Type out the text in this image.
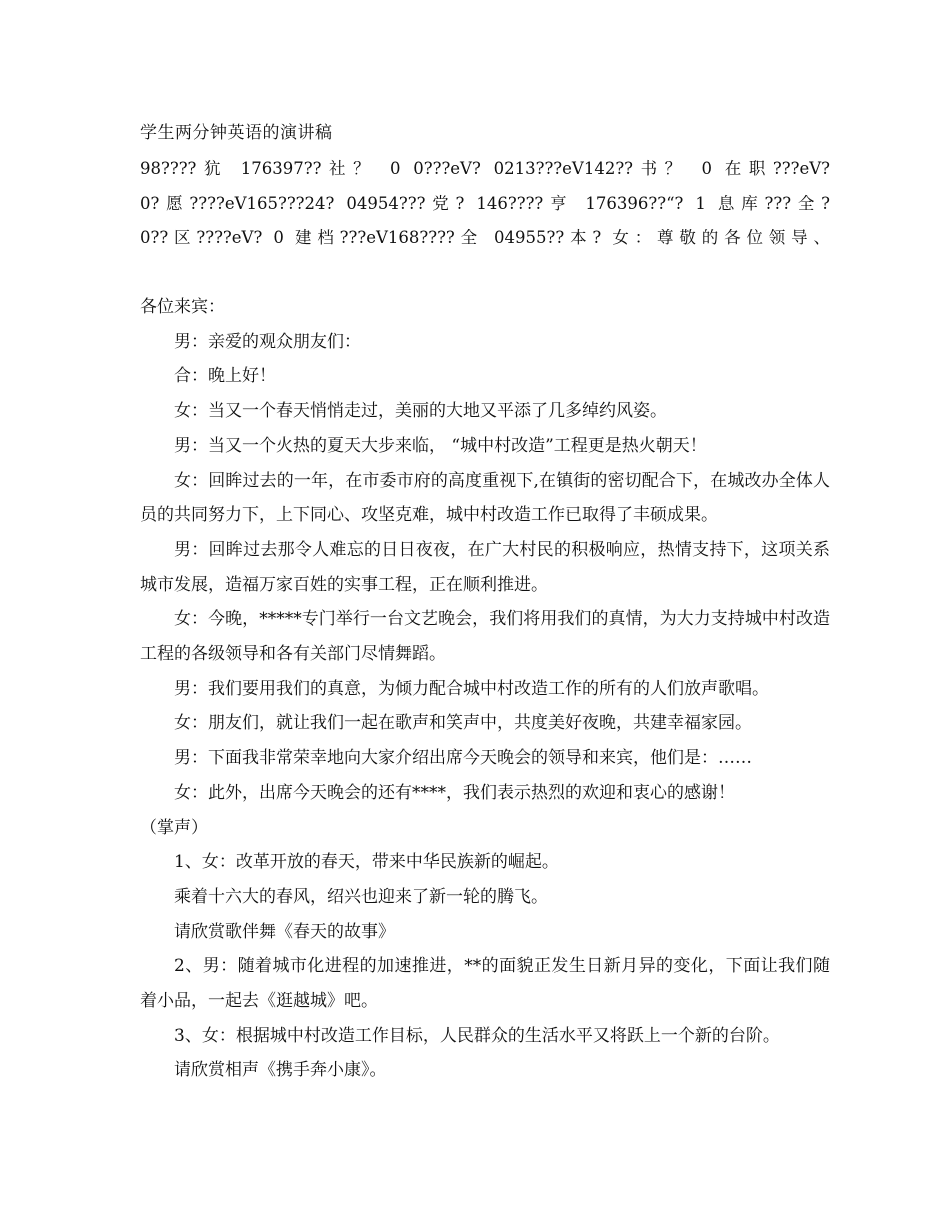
学生两分钟英语的演讲稿
98????犺 176397??社？ 0 0???eV? 0213???eV142??书？ 0 在职???eV?
0?愿????eV165???24? 04954???党? 146????亨 176396??“? 1 息库???全?
0??区????eV? 0 建档???eV168????全 04955??本? 女：尊敬的各位领导、

各位来宾：

男：亲爱的观众朋友们：

合：晚上好！

女：当又一个春天悄悄走过，美丽的大地又平添了几多绰约风姿。

男：当又一个火热的夏天大步来临， “城中村改造”工程更是热火朝天！

女：回眸过去的一年，在市委市府的高度重视下,在镇街的密切配合下，在城改办全体人员的共同努力下，上下同心、攻坚克难，城中村改造工作已取得了丰硕成果。

男：回眸过去那令人难忘的日日夜夜，在广大村民的积极响应，热情支持下，这项关系城市发展，造福万家百姓的实事工程，正在顺利推进。

女：今晚，*****专门举行一台文艺晚会，我们将用我们的真情，为大力支持城中村改造工程的各级领导和各有关部门尽情舞蹈。

男：我们要用我们的真意，为倾力配合城中村改造工作的所有的人们放声歌唱。

女：朋友们，就让我们一起在歌声和笑声中，共度美好夜晚，共建幸福家园。

男：下面我非常荣幸地向大家介绍出席今天晚会的领导和来宾，他们是：……

女：此外，出席今天晚会的还有****，我们表示热烈的欢迎和衷心的感谢！

（掌声）

1、女：改革开放的春天，带来中华民族新的崛起。

乘着十六大的春风，绍兴也迎来了新一轮的腾飞。

请欣赏歌伴舞《春天的故事》

2、男：随着城市化进程的加速推进，**的面貌正发生日新月异的变化，下面让我们随着小品，一起去《逛越城》吧。

3、女：根据城中村改造工作目标，人民群众的生活水平又将跃上一个新的台阶。

请欣赏相声《携手奔小康》。
